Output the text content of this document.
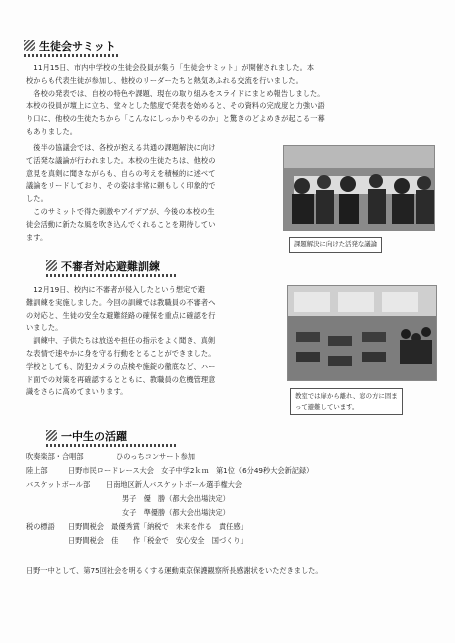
生徒会サミット

　11月15日、市内中学校の生徒会役員が集う「生徒会サミット」が開催されました。本

校からも代表生徒が参加し、他校のリーダーたちと熱気あふれる交流を行いました。

　各校の発表では、自校の特色や課題、現在の取り組みをスライドにまとめ報告しました。

本校の役員が壇上に立ち、堂々とした態度で発表を始めると、その資料の完成度と力強い語

り口に、他校の生徒たちから「こんなにしっかりやるのか」と驚きのどよめきが起こる一幕

もありました。

　後半の協議会では、各校が抱える共通の課題解決に向け

て活発な議論が行われました。本校の生徒たちは、他校の

意見を真剣に聞きながらも、自らの考えを積極的に述べて

議論をリードしており、その姿は非常に頼もしく印象的で

した。

　このサミットで得た刺激やアイデアが、今後の本校の生

徒会活動に新たな風を吹き込んでくれることを期待してい

ます。

課題解決に向けた活発な議論
不審者対応避難訓練

　12月19日、校内に不審者が侵入したという想定で避

難訓練を実施しました。今回の訓練では教職員の不審者へ

の対応と、生徒の安全な避難経路の確保を重点に確認を行

いました。

　訓練中、子供たちは放送や担任の指示をよく聞き、真剣

な表情で速やかに身を守る行動をとることができました。

学校としても、防犯カメラの点検や施錠の徹底など、ハー

ド面での対策を再確認するとともに、教職員の危機管理意

識をさらに高めてまいります。	教室では扉から離れ、窓の方に固ま
って避難しています。
一中生の活躍
吹奏楽部・合唱部	ひのっちコンサート参加
陸上部	日野市民ロードレース大会　女子中学2ｋｍ　第1位（6分49秒大会新記録）
バスケットボール部 日南地区新人バスケットボール選手権大会
男子　優　勝（都大会出場決定）
女子　準優勝（都大会出場決定）
税の標語 日野間税会　最優秀賞「納税で　未来を作る　責任感」
日野間税会　佳　　作「税金で　安心安全　国づくり」
日野一中として、第75回社会を明るくする運動東京保護観察所長感謝状をいただきました。
